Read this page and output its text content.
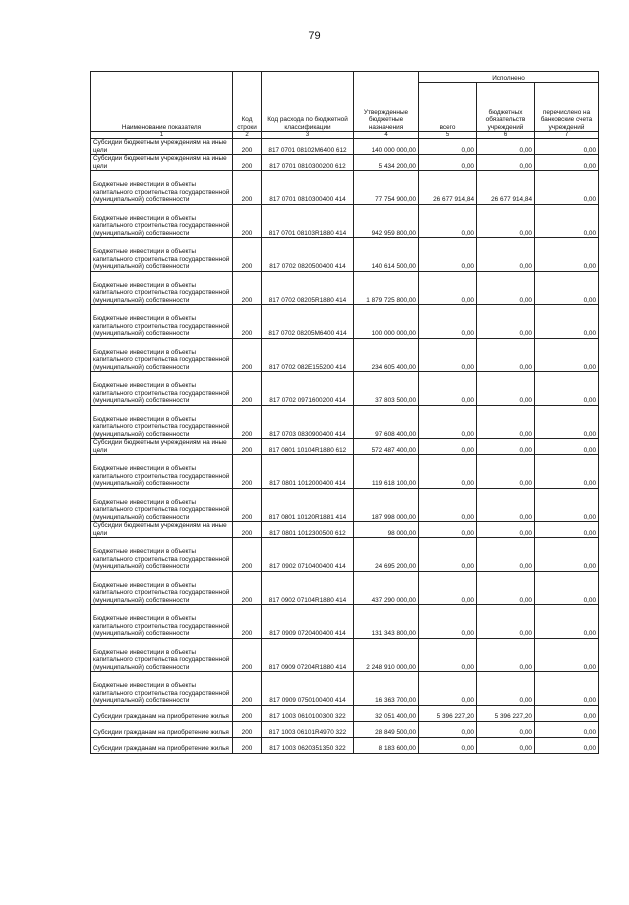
79
Наименование показателя	Код строки	Код расхода по бюджетной классификации	Утвержденные бюджетные назначения	Исполнено		
				всего	бюджетных обязательств учреждений	перечислено на банковские счета учреждений
1	2	3	4	5	6	7
Субсидии бюджетным учреждениям на иные цели	200	817 0701 08102M6400 612	140 000 000,00	0,00	0,00	0,00
Субсидии бюджетным учреждениям на иные цели	200	817 0701 0810300200 612	5 434 200,00	0,00	0,00	0,00
Бюджетные инвестиции в объекты капитального строительства государственной (муниципальной) собственности	200	817 0701 0810300400 414	77 754 900,00	26 677 914,84	26 677 914,84	0,00
Бюджетные инвестиции в объекты капитального строительства государственной (муниципальной) собственности	200	817 0701 08103R1880 414	942 959 800,00	0,00	0,00	0,00
Бюджетные инвестиции в объекты капитального строительства государственной (муниципальной) собственности	200	817 0702 0820500400 414	140 614 500,00	0,00	0,00	0,00
Бюджетные инвестиции в объекты капитального строительства государственной (муниципальной) собственности	200	817 0702 08205R1880 414	1 879 725 800,00	0,00	0,00	0,00
Бюджетные инвестиции в объекты капитального строительства государственной (муниципальной) собственности	200	817 0702 08205M6400 414	100 000 000,00	0,00	0,00	0,00
Бюджетные инвестиции в объекты капитального строительства государственной (муниципальной) собственности	200	817 0702 082E155200 414	234 605 400,00	0,00	0,00	0,00
Бюджетные инвестиции в объекты капитального строительства государственной (муниципальной) собственности	200	817 0702 0971600200 414	37 803 500,00	0,00	0,00	0,00
Бюджетные инвестиции в объекты капитального строительства государственной (муниципальной) собственности	200	817 0703 0830900400 414	97 608 400,00	0,00	0,00	0,00
Субсидии бюджетным учреждениям на иные цели	200	817 0801 10104R1880 612	572 487 400,00	0,00	0,00	0,00
Бюджетные инвестиции в объекты капитального строительства государственной (муниципальной) собственности	200	817 0801 1012000400 414	119 618 100,00	0,00	0,00	0,00
Бюджетные инвестиции в объекты капитального строительства государственной (муниципальной) собственности	200	817 0801 10120R1881 414	187 998 000,00	0,00	0,00	0,00
Субсидии бюджетным учреждениям на иные цели	200	817 0801 1012300500 612	98 000,00	0,00	0,00	0,00
Бюджетные инвестиции в объекты капитального строительства государственной (муниципальной) собственности	200	817 0902 0710400400 414	24 695 200,00	0,00	0,00	0,00
Бюджетные инвестиции в объекты капитального строительства государственной (муниципальной) собственности	200	817 0902 07104R1880 414	437 290 000,00	0,00	0,00	0,00
Бюджетные инвестиции в объекты капитального строительства государственной (муниципальной) собственности	200	817 0909 0720400400 414	131 343 800,00	0,00	0,00	0,00
Бюджетные инвестиции в объекты капитального строительства государственной (муниципальной) собственности	200	817 0909 07204R1880 414	2 248 910 000,00	0,00	0,00	0,00
Бюджетные инвестиции в объекты капитального строительства государственной (муниципальной) собственности	200	817 0909 0750100400 414	16 363 700,00	0,00	0,00	0,00
Субсидии гражданам на приобретение жилья	200	817 1003 0610100300 322	32 051 400,00	5 396 227,20	5 396 227,20	0,00
Субсидии гражданам на приобретение жилья	200	817 1003 06101R4970 322	28 849 500,00	0,00	0,00	0,00
Субсидии гражданам на приобретение жилья	200	817 1003 0620351350 322	8 183 600,00	0,00	0,00	0,00
